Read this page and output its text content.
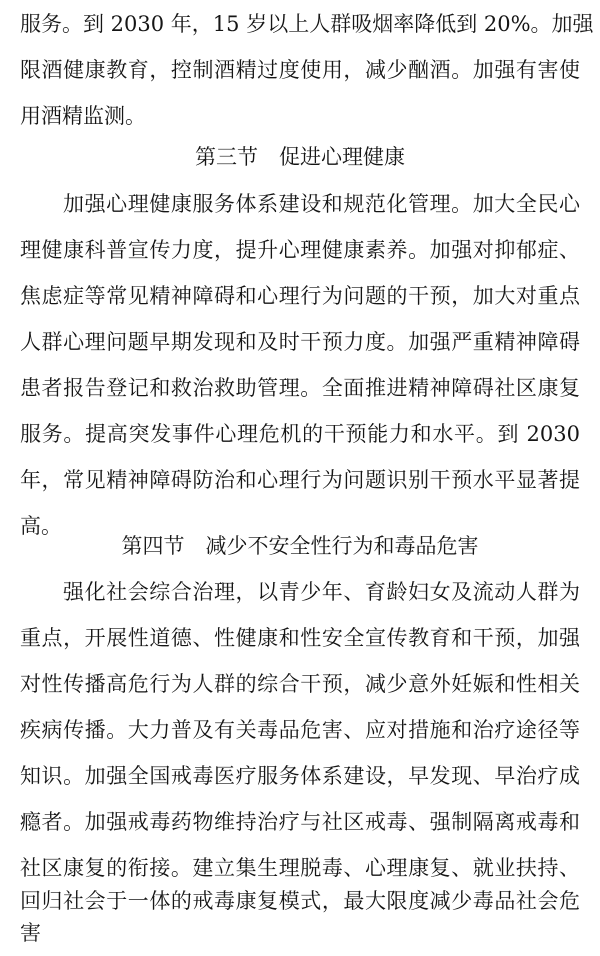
服务。到 2030 年，15 岁以上人群吸烟率降低到 20%。加强
限酒健康教育，控制酒精过度使用，减少酗酒。加强有害使
用酒精监测。
第三节　促进心理健康
加强心理健康服务体系建设和规范化管理。加大全民心
理健康科普宣传力度，提升心理健康素养。加强对抑郁症、
焦虑症等常见精神障碍和心理行为问题的干预，加大对重点
人群心理问题早期发现和及时干预力度。加强严重精神障碍
患者报告登记和救治救助管理。全面推进精神障碍社区康复
服务。提高突发事件心理危机的干预能力和水平。到 2030
年，常见精神障碍防治和心理行为问题识别干预水平显著提
高。
第四节　减少不安全性行为和毒品危害
强化社会综合治理，以青少年、育龄妇女及流动人群为
重点，开展性道德、性健康和性安全宣传教育和干预，加强
对性传播高危行为人群的综合干预，减少意外妊娠和性相关
疾病传播。大力普及有关毒品危害、应对措施和治疗途径等
知识。加强全国戒毒医疗服务体系建设，早发现、早治疗成
瘾者。加强戒毒药物维持治疗与社区戒毒、强制隔离戒毒和
社区康复的衔接。建立集生理脱毒、心理康复、就业扶持、
回归社会于一体的戒毒康复模式，最大限度减少毒品社会危
害
